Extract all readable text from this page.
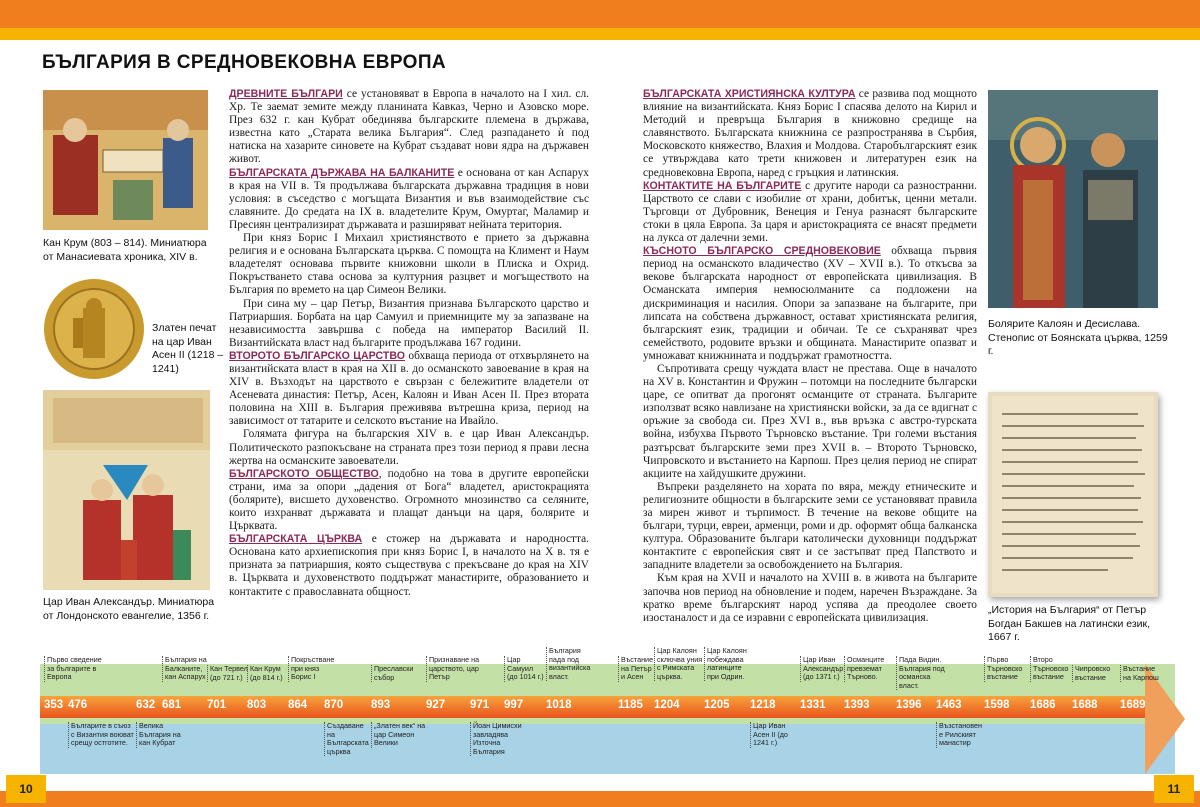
БЪЛГАРИЯ В СРЕДНОВЕКОВНА ЕВРОПА
Кан Крум (803 – 814). Миниатюра от Манасиевата хроника, XIV в.
Златен печат на цар Иван Асен II (1218 – 1241)
Цар Иван Александър. Миниатюра от Лондонското евангелие, 1356 г.

ДРЕВНИТЕ БЪЛГАРИ се установяват в Европа в началото на I хил. сл. Хр. Те заемат земите между планината Кавказ, Черно и Азовско море. През 632 г. кан Кубрат обединява българските племена в държава, известна като „Старата велика България“. След разпадането ѝ под натиска на хазарите синовете на Кубрат създават нови ядра на държавен живот.

БЪЛГАРСКАТА ДЪРЖАВА НА БАЛКАНИТЕ е основана от кан Аспарух в края на VII в. Тя продължава българската държавна традиция в нови условия: в съседство с могъщата Византия и във взаимодействие със славяните. До средата на IX в. владетелите Крум, Омуртаг, Маламир и Пресиян централизират държавата и разширяват нейната територия.

При княз Борис I Михаил християнството е прието за държавна религия и е основана Българската църква. С помощта на Климент и Наум владетелят основава първите книжовни школи в Плиска и Охрид. Покръстването става основа за културния разцвет и могъществото на България по времето на цар Симеон Велики.

При сина му – цар Петър, Византия признава Българското царство и Патриаршия. Борбата на цар Самуил и приемниците му за запазване на независимостта завършва с победа на император Василий II. Византийската власт над българите продължава 167 години.

ВТОРОТО БЪЛГАРСКО ЦАРСТВО обхваща периода от отхвърлянето на византийската власт в края на XII в. до османското завоевание в края на XIV в. Възходът на царството е свързан с бележитите владетели от Асеневата династия: Петър, Асен, Калоян и Иван Асен II. През втората половина на XIII в. България преживява вътрешна криза, период на зависимост от татарите и селското въстание на Ивайло.

Голямата фигура на българския XIV в. е цар Иван Александър. Политическото разпокъсване на страната през този период я прави лесна жертва на османските завоеватели.

БЪЛГАРСКОТО ОБЩЕСТВО, подобно на това в другите европейски страни, има за опори „дадения от Бога“ владетел, аристокрацията (болярите), висшето духовенство. Огромното мнозинство са селяните, които изхранват държавата и плащат данъци на царя, болярите и Църквата.

БЪЛГАРСКАТА ЦЪРКВА е стожер на държавата и народността. Основана като архиепископия при княз Борис I, в началото на X в. тя е призната за патриаршия, която съществува с прекъсване до края на XIV в. Църквата и духовенството поддържат манастирите, образованието и контактите с православната общност.

БЪЛГАРСКАТА ХРИСТИЯНСКА КУЛТУРА се развива под мощното влияние на византийската. Княз Борис I спасява делото на Кирил и Методий и превръща България в книжовно средище на славянството. Българската книжнина се разпространява в Сърбия, Московското княжество, Влахия и Молдова. Старобългарският език се утвърждава като трети книжовен и литературен език на средновековна Европа, наред с гръцкия и латинския.

КОНТАКТИТЕ НА БЪЛГАРИТЕ с другите народи са разностранни. Царството се слави с изобилие от храни, добитък, ценни метали. Търговци от Дубровник, Венеция и Генуа разнасят българските стоки в цяла Европа. За царя и аристокрацията се внасят предмети на лукса от далечни земи.

КЪСНОТО БЪЛГАРСКО СРЕДНОВЕКОВИЕ обхваща първия период на османското владичество (XV – XVII в.). То откъсва за векове българската народност от европейската цивилизация. В Османската империя немюсюлманите са подложени на дискриминация и насилия. Опори за запазване на българите, при липсата на собствена държавност, остават християнската религия, българският език, традиции и обичаи. Те се съхраняват чрез семейството, родовите връзки и общината. Манастирите опазват и умножават книжнината и поддържат грамотността.

Съпротивата срещу чуждата власт не престава. Още в началото на XV в. Константин и Фружин – потомци на последните български царе, се опитват да прогонят османците от страната. Българите използват всяко навлизане на християнски войски, за да се вдигнат с оръжие за свобода си. През XVI в., във връзка с австро-турската война, избухва Първото Търновско въстание. Три големи въстания разтърсват българските земи през XVII в. – Второто Търновско, Чипровското и въстанието на Карпош. През целия период не спират акциите на хайдушките дружини.

Въпреки разделянето на хората по вяра, между етническите и религиозните общности в българските земи се установяват правила за мирен живот и търпимост. В течение на векове общите на българи, турци, евреи, арменци, роми и др. оформят обща балканска култура. Образованите българи католически духовници поддържат контактите с европейския свят и се застъпват пред Папството и западните владетели за освобождението на България.

Към края на XVII и началото на XVIII в. в живота на българите започва нов период на обновление и подем, наречен Възраждане. За кратко време българският народ успява да преодолее своето изостаналост и да се изравни с европейската цивилизация.

Болярите Калоян и Десислава. Стенопис от Боянската църква, 1259 г.
„История на България“ от Петър Богдан Бакшев на латински език, 1667 г.
353 476	632 681 701 803 864 870 893	927 971 997 1018	1185 1204 1205 1218 1331 1393 1396 1463 1598 1686 1688 1689
Първо сведение за българите в Европа
България на Балканите, кан Аспарух
Кан Тервел (до 721 г.)
Кан Крум (до 814 г.)
Покръстване при княз Борис I
Преславски събор
Признаване на царството, цар Петър
Цар Самуил (до 1014 г.)
България пада под византийска власт.
Въстание на Петър и Асен
Цар Калоян сключва уния с Римската църква.
Цар Калоян побеждава латинците при Одрин.
Цар Иван Александър (до 1371 г.)
Османците превземат Търново.
Пада Видин. България под османска власт.
Първо Търновско въстание
Второ Търновско въстание
Чипровско въстание
Въстание на Карпош
Българите в съюз с Византия воюват срещу остготите.
Велика България на кан Кубрат
Създаване на Българската църква
„Златен век“ на цар Симеон Велики
Йоан Цимисхи завладява Източна България
Цар Иван Асен II (до 1241 г.)
Възстановен е Рилският манастир
10	11
